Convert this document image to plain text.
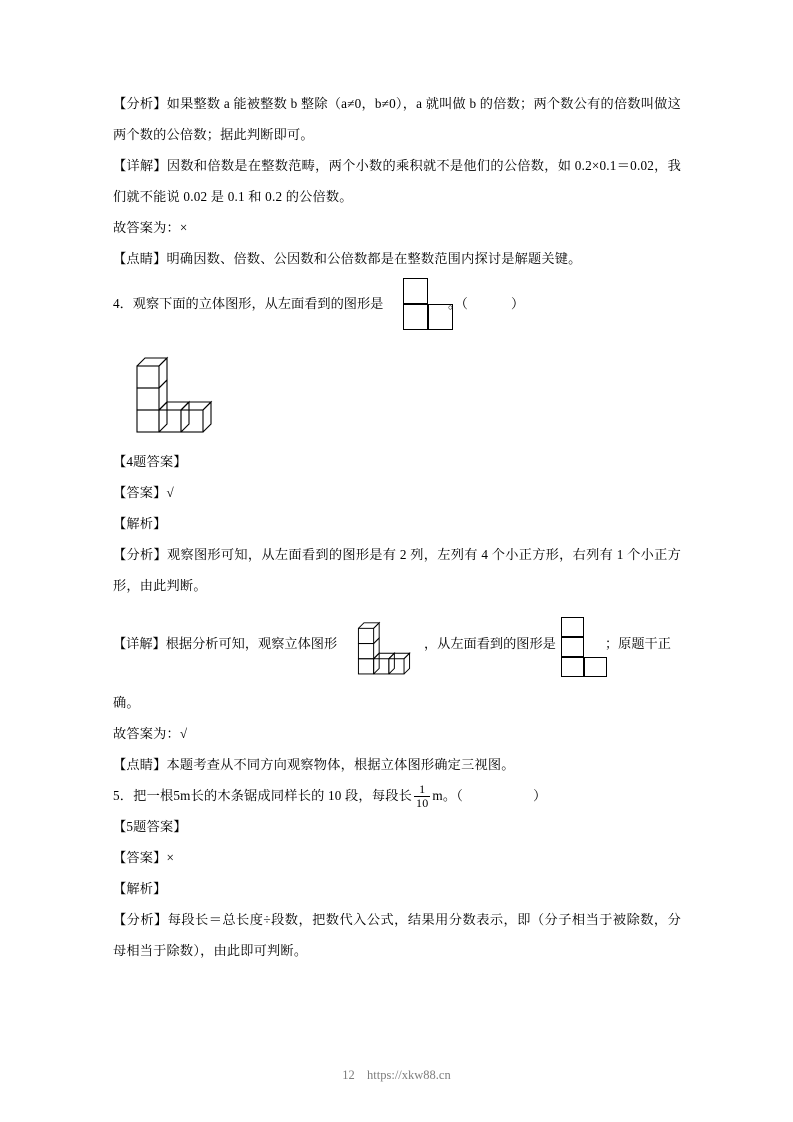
【分析】如果整数 a 能被整数 b 整除（a≠0，b≠0），a 就叫做 b 的倍数；两个数公有的倍数叫做这两个数的公倍数；据此判断即可。

【详解】因数和倍数是在整数范畴，两个小数的乘积就不是他们的公倍数，如 0.2×0.1＝0.02，我们就不能说 0.02 是 0.1 和 0.2 的公倍数。

故答案为：×

【点睛】明确因数、倍数、公因数和公倍数都是在整数范围内探讨是解题关键。

4．观察下面的立体图形，从左面看到的图形是	。（	）

【4题答案】

【答案】√

【解析】

【分析】观察图形可知，从左面看到的图形是有 2 列，左列有 4 个小正方形，右列有 1 个小正方形，由此判断。

【详解】根据分析可知，观察立体图形	，从左面看到的图形是	；原题干正

确。

故答案为：√

【点睛】本题考查从不同方向观察物体，根据立体图形确定三视图。

5．把一根5m长的木条锯成同样长的 10 段，每段长 $\frac{1}{10}$ m。（	）

【5题答案】

【答案】×

【解析】

【分析】每段长＝总长度÷段数，把数代入公式，结果用分数表示，即（分子相当于被除数，分母相当于除数），由此即可判断。

12 https://xkw88.cn
